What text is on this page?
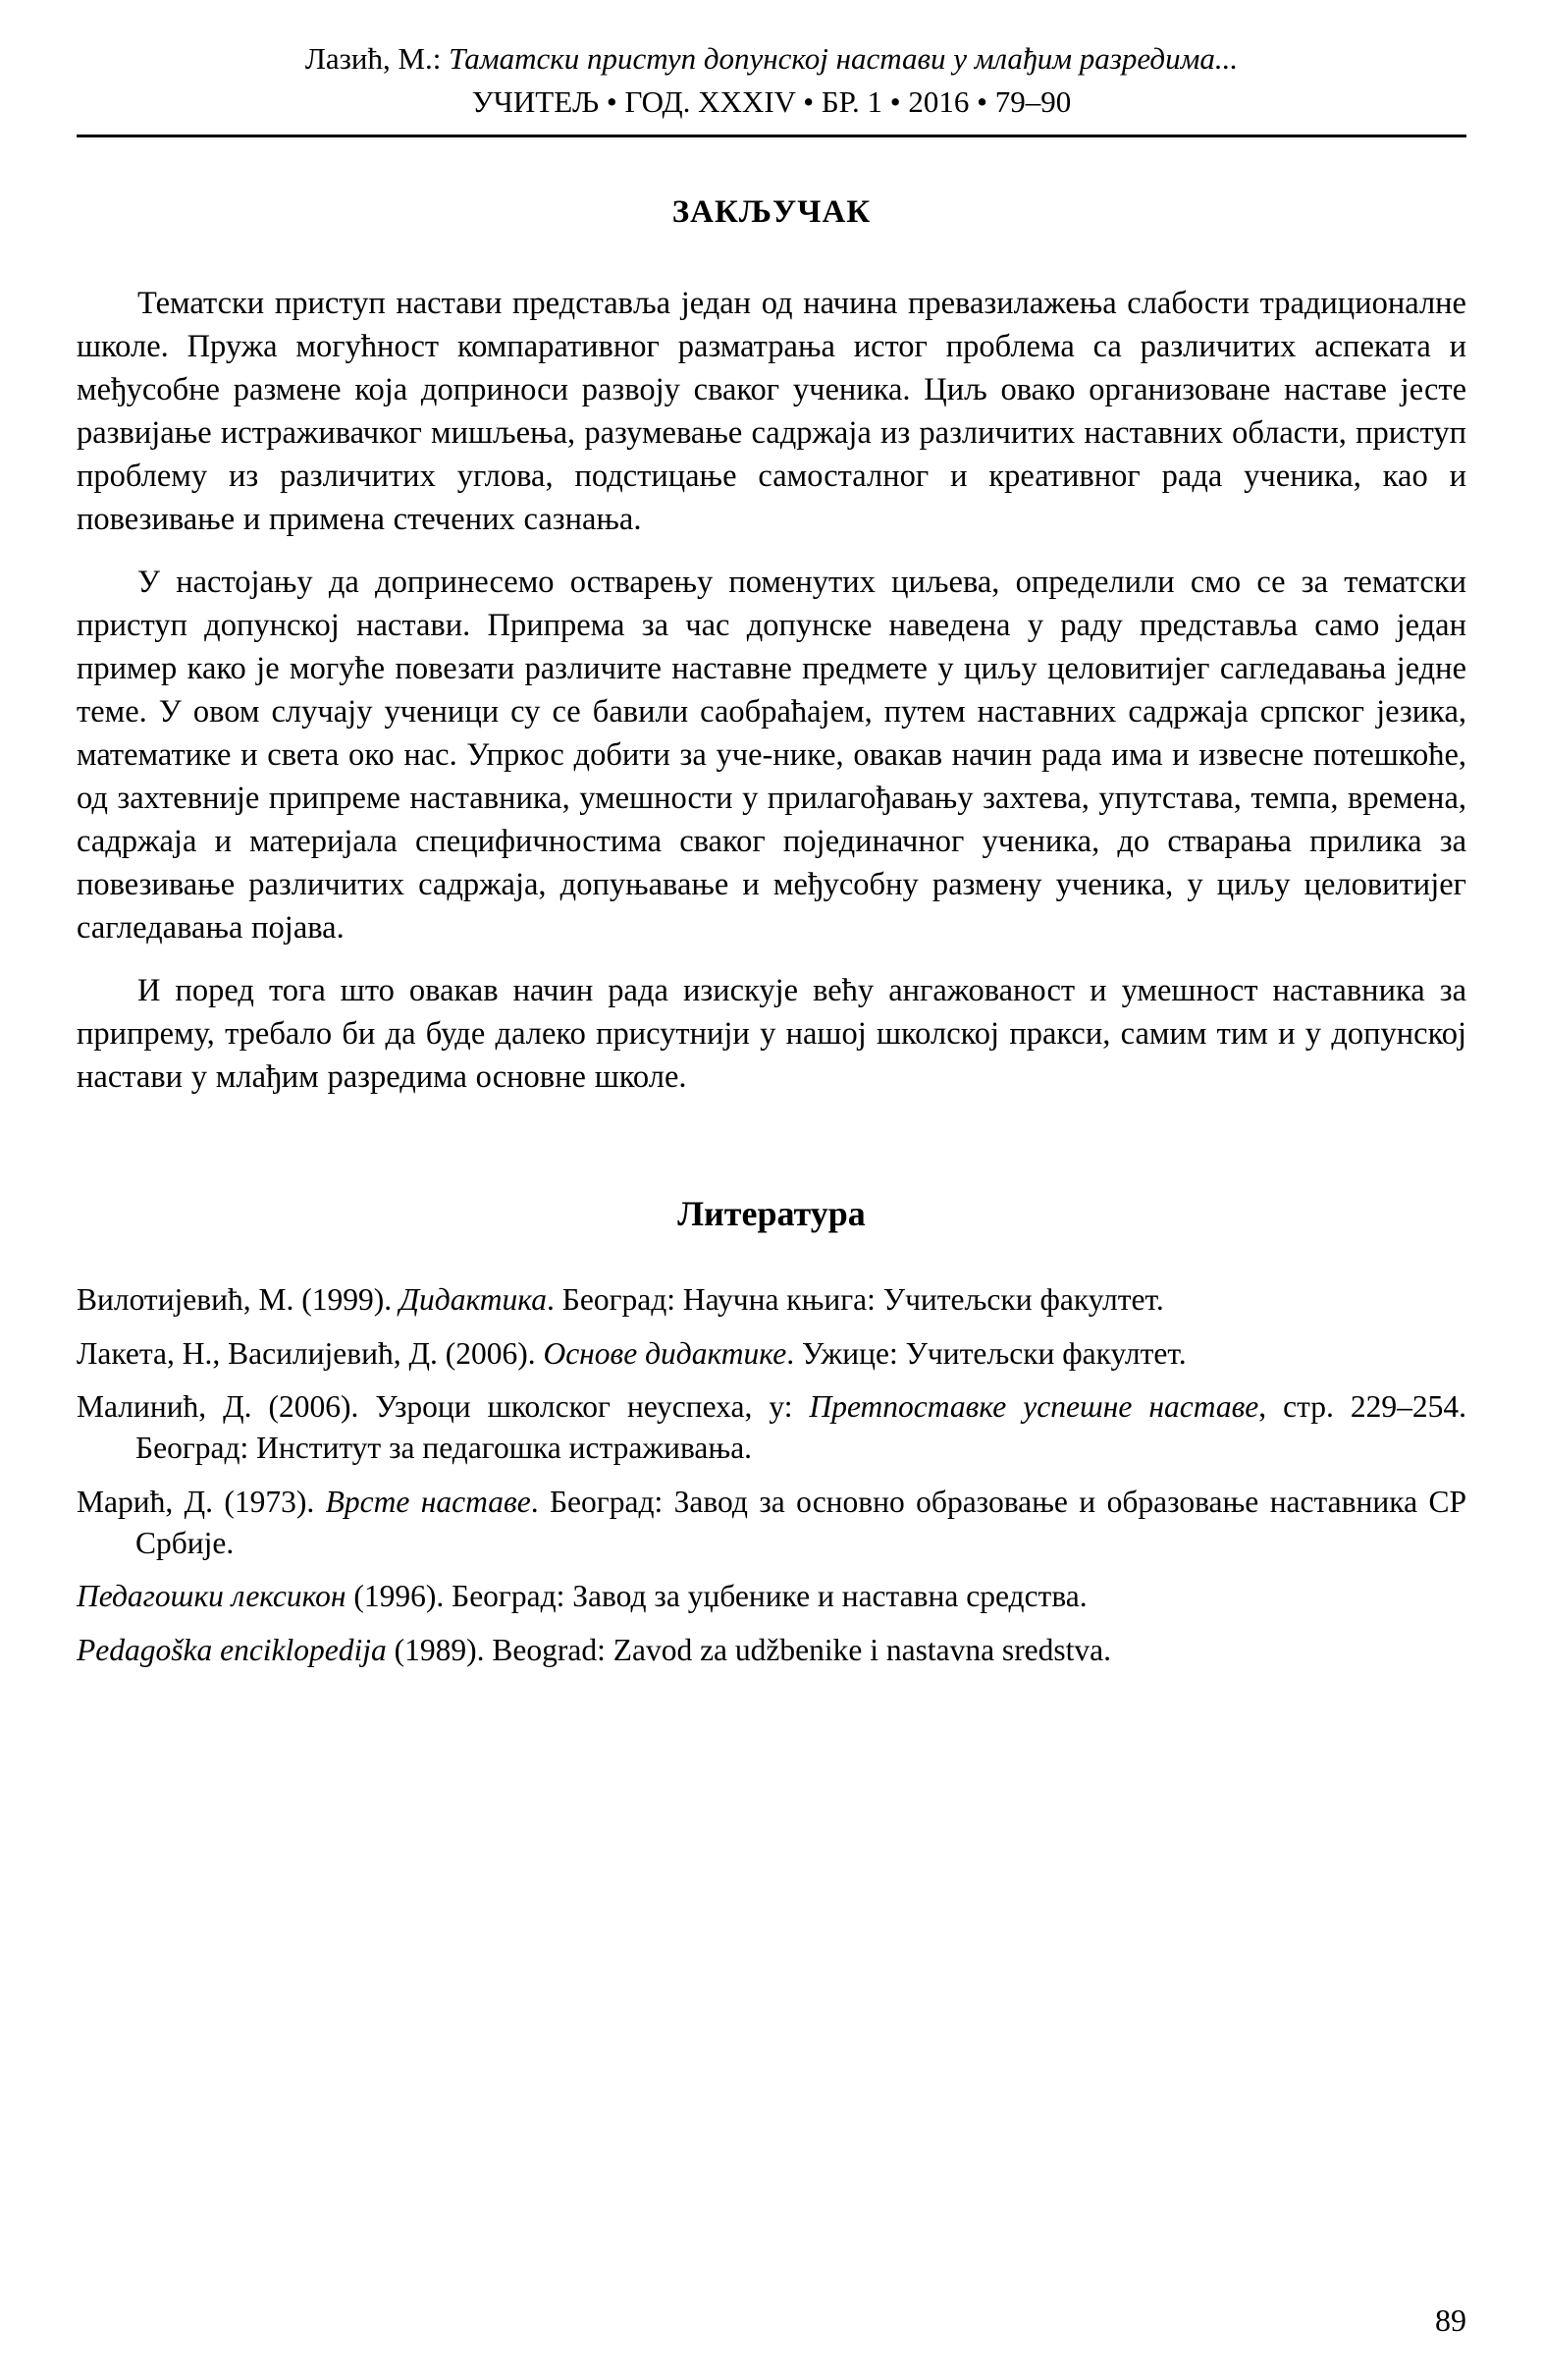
Лазић, М.: Таматски приступ допунској настави у млађим разредима...
УЧИТЕЉ • ГОД. XXXIV • БР. 1 • 2016 • 79–90
ЗАКЉУЧАК

Тематски приступ настави представља један од начина превазилажења слабости традиционалне школе. Пружа могућност компаративног разматрања истог проблема са различитих аспеката и међусобне размене која доприноси развоју сваког ученика. Циљ овако организоване наставе јесте развијање истраживачког мишљења, разумевање садржаја из различитих наставних области, приступ проблему из различитих углова, подстицање самосталног и креативног рада ученика, као и повезивање и примена стечених сазнања.

У настојању да допринесемо остварењу поменутих циљева, определили смо се за тематски приступ допунској настави. Припрема за час допунске наведена у раду представља само један пример како је могуће повезати различите наставне предмете у циљу целовитијег сагледавања једне теме. У овом случају ученици су се бавили саобраћајем, путем наставних садржаја српског језика, математике и света око нас. Упркос добити за уче-нике, овакав начин рада има и извесне потешкоће, од захтевније припреме наставника, умешности у прилагођавању захтева, упутстава, темпа, времена, садржаја и материјала специфичностима сваког појединачног ученика, до стварања прилика за повезивање различитих садржаја, допуњавање и међусобну размену ученика, у циљу целовитијег сагледавања појава.

И поред тога што овакав начин рада изискује већу ангажованост и умешност наставника за припрему, требало би да буде далеко присутнији у нашој школској пракси, самим тим и у допунској настави у млађим разредима основне школе.

Литература

Вилотијевић, М. (1999). Дидактика. Београд: Научна књига: Учитељски факултет.

Лакета, Н., Василијевић, Д. (2006). Основе дидактике. Ужице: Учитељски факултет.

Малинић, Д. (2006). Узроци школског неуспеха, у: Претпоставке успешне наставе, стр. 229–254. Београд: Институт за педагошка истраживања.

Марић, Д. (1973). Врсте наставе. Београд: Завод за основно образовање и образовање наставника СР Србије.

Педагошки лексикон (1996). Београд: Завод за уџбенике и наставна средства.

Pedagoška enciklopedija (1989). Beograd: Zavod za udžbenike i nastavna sredstva.

89
